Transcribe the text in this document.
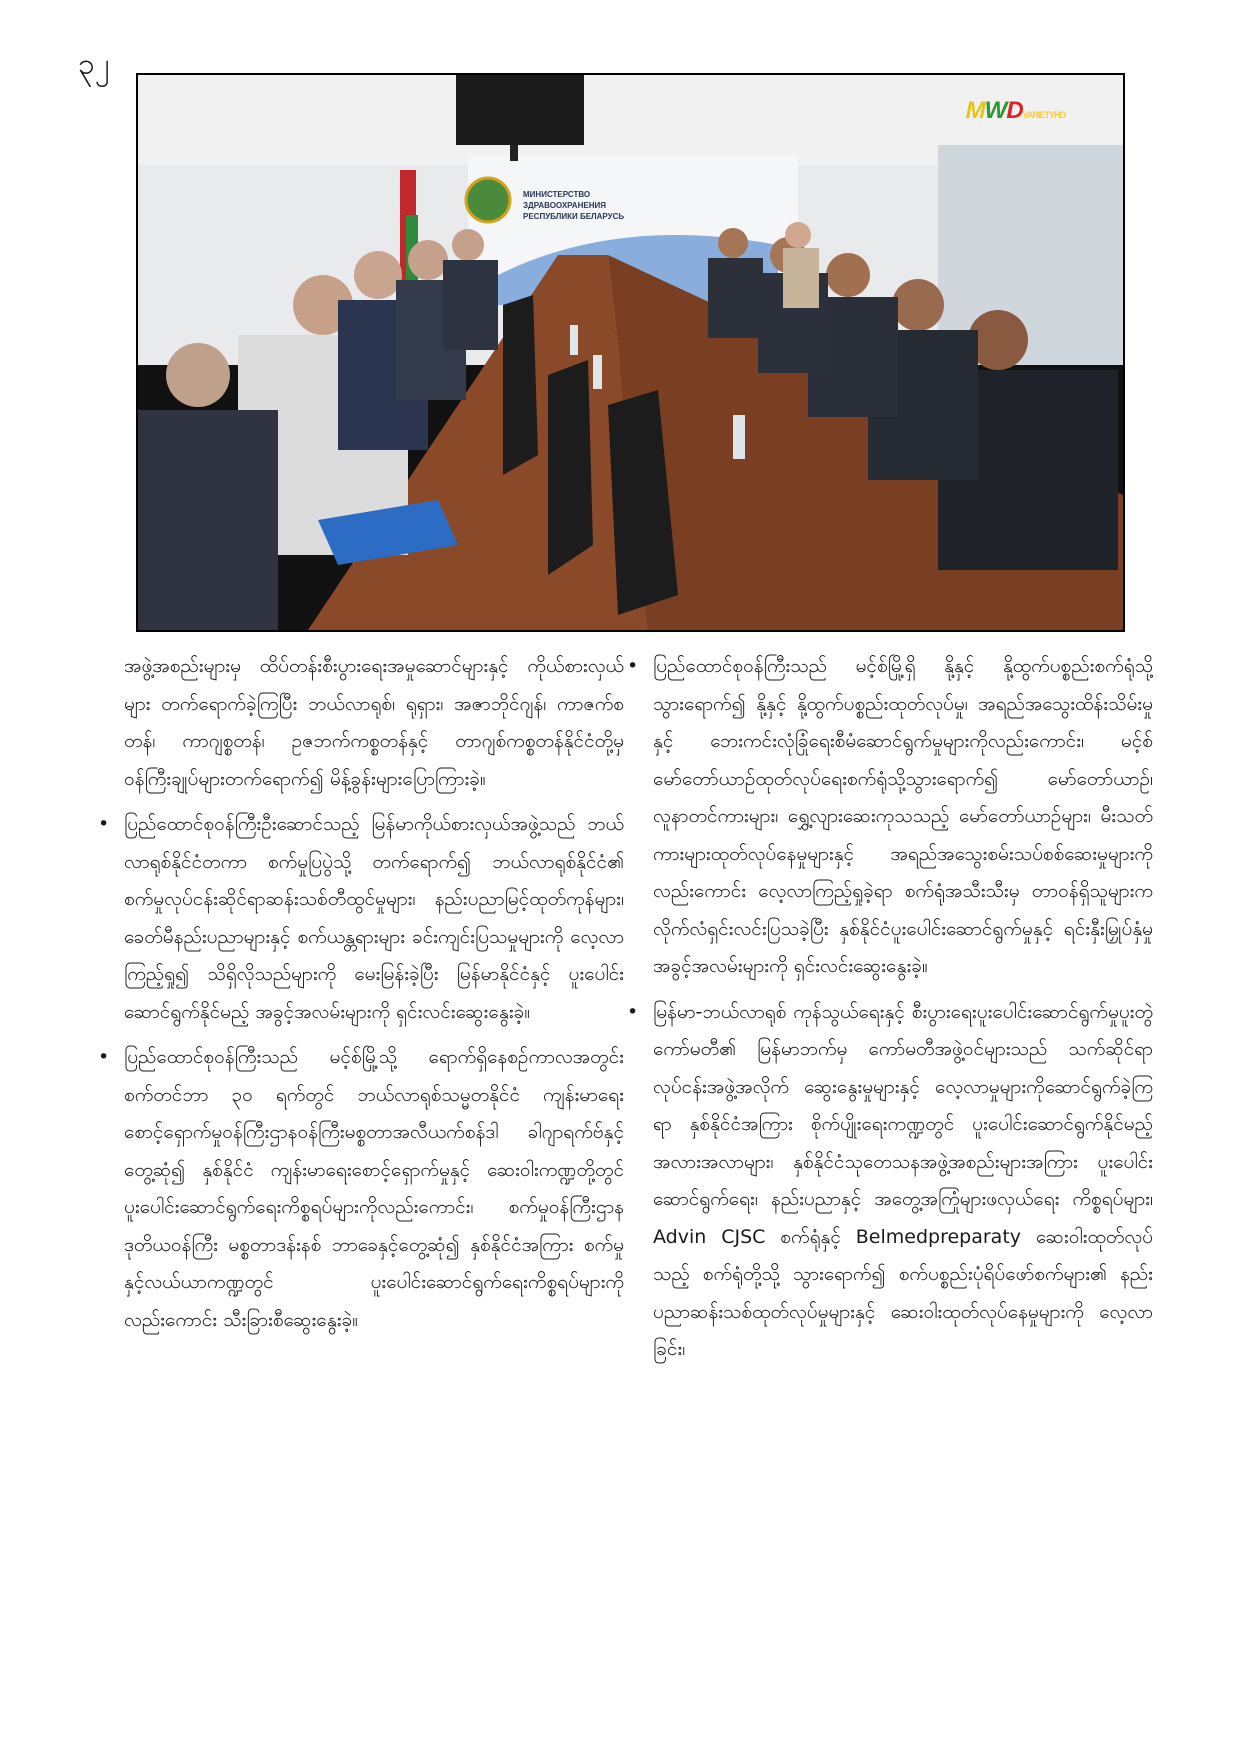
၃၂
МИНИСТЕРСТВО
ЗДРАВООХРАНЕНИЯ
РЕСПУБЛИКИ БЕЛАРУСЬ
MWDVARIETYHD

အဖွဲ့အစည်းများမှ ထိပ်တန်းစီးပွားရေးအမှုဆောင်များနှင့် ကိုယ်စားလှယ်များ တက်ရောက်ခဲ့ကြပြီး ဘယ်လာရုစ်၊ ရုရှား၊ အဇာဘိုင်ဂျန်၊ ကာဇက်စတန်၊ ကာဂျစ္စတန်၊ ဥဇဘက်ကစ္စတန်နှင့် တာဂျစ်ကစ္စတန်နိုင်ငံတို့မှ ဝန်ကြီးချုပ်များတက်ရောက်၍ မိန့်ခွန်းများပြောကြားခဲ့။

• ပြည်ထောင်စုဝန်ကြီးဦးဆောင်သည့် မြန်မာကိုယ်စားလှယ်အဖွဲ့သည် ဘယ်လာရုစ်နိုင်ငံတကာ စက်မှုပြပွဲသို့ တက်ရောက်၍ ဘယ်လာရုစ်နိုင်ငံ၏ စက်မှုလုပ်ငန်းဆိုင်ရာဆန်းသစ်တီထွင်မှုများ၊ နည်းပညာမြင့်ထုတ်ကုန်များ၊ ခေတ်မီနည်းပညာများနှင့် စက်ယန္တရားများ ခင်းကျင်းပြသမှုများကို လေ့လာကြည့်ရှု၍ သိရှိလိုသည်များကို မေးမြန်းခဲ့ပြီး မြန်မာနိုင်ငံနှင့် ပူးပေါင်းဆောင်ရွက်နိုင်မည့် အခွင့်အလမ်းများကို ရှင်းလင်းဆွေးနွေးခဲ့။
• ပြည်ထောင်စုဝန်ကြီးသည် မင့်စ်မြို့သို့ ရောက်ရှိနေစဉ်ကာလအတွင်း စက်တင်ဘာ ၃၀ ရက်တွင် ဘယ်လာရုစ်သမ္မတနိုင်ငံ ကျန်းမာရေးစောင့်ရှောက်မှုဝန်ကြီးဌာနဝန်ကြီးမစ္စတာအလီယက်စန်ဒါ ခါဂျာရက်ဗ်နှင့်တွေ့ဆုံ၍ နှစ်နိုင်ငံ ကျန်းမာရေးစောင့်ရှောက်မှုနှင့် ဆေးဝါးကဏ္ဍတို့တွင် ပူးပေါင်းဆောင်ရွက်ရေးကိစ္စရပ်များကိုလည်းကောင်း၊ စက်မှုဝန်ကြီးဌာန ဒုတိယဝန်ကြီး မစ္စတာဒန်းနစ် ဘာခေနှင့်တွေ့ဆုံ၍ နှစ်နိုင်ငံအကြား စက်မှုနှင့်လယ်ယာကဏ္ဍတွင် ပူးပေါင်းဆောင်ရွက်ရေးကိစ္စရပ်များကိုလည်းကောင်း သီးခြားစီဆွေးနွေးခဲ့။
• ပြည်ထောင်စုဝန်ကြီးသည် မင့်စ်မြို့ရှိ နို့နှင့် နို့ထွက်ပစ္စည်းစက်ရုံသို့ သွားရောက်၍ နို့နှင့် နို့ထွက်ပစ္စည်းထုတ်လုပ်မှု၊ အရည်အသွေးထိန်းသိမ်းမှုနှင့် ဘေးကင်းလုံခြုံရေးစီမံဆောင်ရွက်မှုများကိုလည်းကောင်း၊ မင့်စ်မော်တော်ယာဉ်ထုတ်လုပ်ရေးစက်ရုံသို့သွားရောက်၍ မော်တော်ယာဉ်၊ လူနာတင်ကားများ၊ ရွှေ့လျားဆေးကုသသည့် မော်တော်ယာဉ်များ၊ မီးသတ်ကားများထုတ်လုပ်နေမှုများနှင့် အရည်အသွေးစမ်းသပ်စစ်ဆေးမှုများကိုလည်းကောင်း လေ့လာကြည့်ရှုခဲ့ရာ စက်ရုံအသီးသီးမှ တာဝန်ရှိသူများကလိုက်လံရှင်းလင်းပြသခဲ့ပြီး နှစ်နိုင်ငံပူးပေါင်းဆောင်ရွက်မှုနှင့် ရင်းနှီးမြှုပ်နှံမှုအခွင့်အလမ်းများကို ရှင်းလင်းဆွေးနွေးခဲ့။
• မြန်မာ-ဘယ်လာရုစ် ကုန်သွယ်ရေးနှင့် စီးပွားရေးပူးပေါင်းဆောင်ရွက်မှုပူးတွဲကော်မတီ၏ မြန်မာဘက်မှ ကော်မတီအဖွဲ့ဝင်များသည် သက်ဆိုင်ရာလုပ်ငန်းအဖွဲ့အလိုက် ဆွေးနွေးမှုများနှင့် လေ့လာမှုများကိုဆောင်ရွက်ခဲ့ကြရာ နှစ်နိုင်ငံအကြား စိုက်ပျိုးရေးကဏ္ဍတွင် ပူးပေါင်းဆောင်ရွက်နိုင်မည့် အလားအလာများ၊ နှစ်နိုင်ငံသုတေသနအဖွဲ့အစည်းများအကြား ပူးပေါင်းဆောင်ရွက်ရေး၊ နည်းပညာနှင့် အတွေ့အကြုံများဖလှယ်ရေး ကိစ္စရပ်များ၊ Advin CJSC စက်ရုံနှင့် Belmedpreparaty ဆေးဝါးထုတ်လုပ်သည့် စက်ရုံတို့သို့ သွားရောက်၍ စက်ပစ္စည်းပုံရိပ်ဖော်စက်များ၏ နည်းပညာဆန်းသစ်ထုတ်လုပ်မှုများနှင့် ဆေးဝါးထုတ်လုပ်နေမှုများကို လေ့လာခြင်း၊
